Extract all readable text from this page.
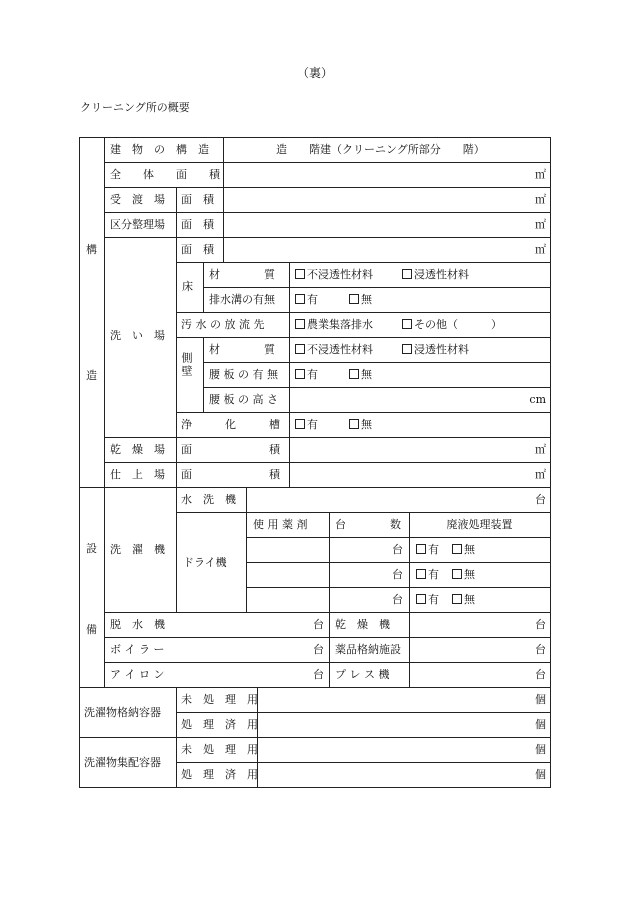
（裏）
クリーニング所の概要
構
造
設
備
建　物　の　構　造	造　　階建（クリーニング所部分　　階）
全　　体　　面　　積	㎡
受　渡　場 面　積	㎡
区分整理場 面　積	㎡
洗　い　場
面　積	㎡
床
材　　　　質	不浸透性材料	浸透性材料
排水溝の有無	有	無
汚 水 の 放 流 先	農業集落排水	その他（　　　）
側壁
材　　　　質	不浸透性材料	浸透性材料
腰 板 の 有 無	有	無
腰 板 の 高 さ	cm
浄　　　化　　　槽	有	無
乾　燥　場 面　　　　　　　積	㎡
仕　上　場 面　　　　　　　積	㎡
水　洗　機	台
洗　濯　機
ドライ機
使 用 薬 剤	台　　　　数	廃液処理装置
台	有 無
台	有 無
台	有 無
脱　水　機	台 乾　燥　機	台
ボ イ ラ ー	台 薬品格納施設	台
ア イ ロ ン	台 プ レ ス 機	台
洗濯物格納容器
未　処　理　用	個
処　理　済　用	個
洗濯物集配容器
未　処　理　用	個
処　理　済　用	個
